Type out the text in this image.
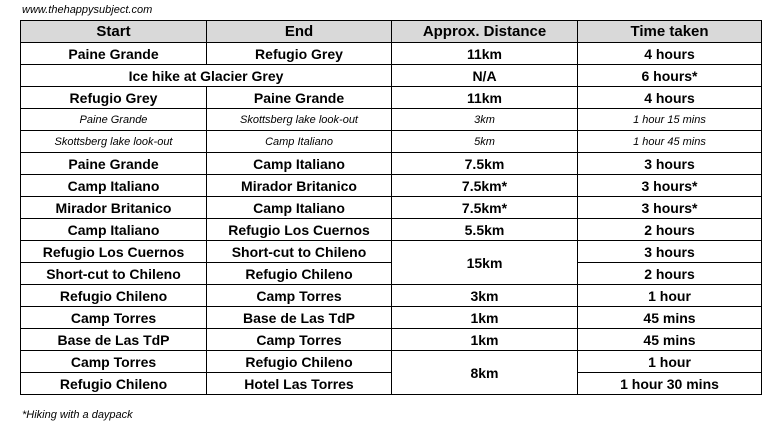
www.thehappysubject.com
Start	End	Approx. Distance	Time taken
Paine Grande	Refugio Grey	11km	4 hours
Ice hike at Glacier Grey		N/A	6 hours*
Refugio Grey	Paine Grande	11km	4 hours
Paine Grande	Skottsberg lake look-out	3km	1 hour 15 mins
Skottsberg lake look-out	Camp Italiano	5km	1 hour 45 mins
Paine Grande	Camp Italiano	7.5km	3 hours
Camp Italiano	Mirador Britanico	7.5km*	3 hours*
Mirador Britanico	Camp Italiano	7.5km*	3 hours*
Camp Italiano	Refugio Los Cuernos	5.5km	2 hours
Refugio Los Cuernos	Short-cut to Chileno	15km	3 hours
Short-cut to Chileno	Refugio Chileno		2 hours
Refugio Chileno	Camp Torres	3km	1 hour
Camp Torres	Base de Las TdP	1km	45 mins
Base de Las TdP	Camp Torres	1km	45 mins
Camp Torres	Refugio Chileno	8km	1 hour
Refugio Chileno	Hotel Las Torres		1 hour 30 mins
*Hiking with a daypack
